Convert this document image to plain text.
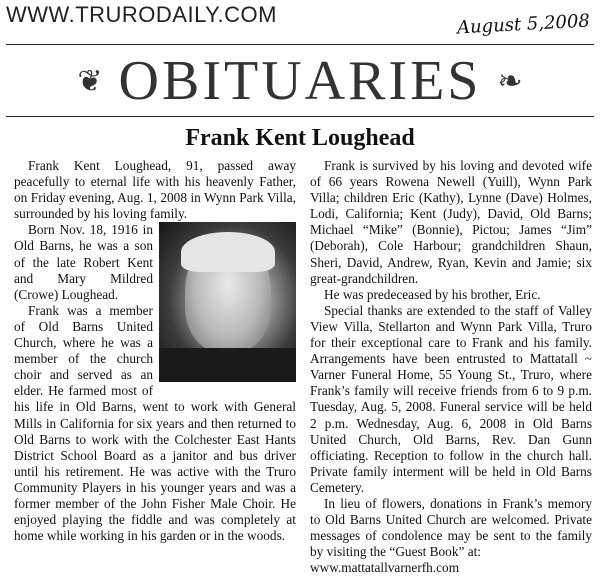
WWW.TRURODAILY.COM	August 5,2008
❦ OBITUARIES ❧
Frank Kent Loughead

Frank Kent Loughead, 91, passed away peacefully to eternal life with his heavenly Father, on Friday evening, Aug. 1, 2008 in Wynn Park Villa, surrounded by his loving family.

Born Nov. 18, 1916 in Old Barns, he was a son of the late Robert Kent and Mary Mildred (Crowe) Loughead.

Frank was a member of Old Barns United Church, where he was a member of the church choir and served as an elder. He farmed most of his life in Old Barns, went to work with General Mills in California for six years and then returned to Old Barns to work with the Colchester East Hants District School Board as a janitor and bus driver until his retirement. He was active with the Truro Community Players in his younger years and was a former member of the John Fisher Male Choir. He enjoyed playing the fiddle and was completely at home while working in his garden or in the woods.

Frank is survived by his loving and devoted wife of 66 years Rowena Newell (Yuill), Wynn Park Villa; children Eric (Kathy), Lynne (Dave) Holmes, Lodi, California; Kent (Judy), David, Old Barns; Michael “Mike” (Bonnie), Pictou; James “Jim” (Deborah), Cole Harbour; grandchildren Shaun, Sheri, David, Andrew, Ryan, Kevin and Jamie; six great-grandchildren.

He was predeceased by his brother, Eric.

Special thanks are extended to the staff of Valley View Villa, Stellarton and Wynn Park Villa, Truro for their exceptional care to Frank and his family. Arrangements have been entrusted to Mattatall ~ Varner Funeral Home, 55 Young St., Truro, where Frank’s family will receive friends from 6 to 9 p.m. Tuesday, Aug. 5, 2008. Funeral service will be held 2 p.m. Wednesday, Aug. 6, 2008 in Old Barns United Church, Old Barns, Rev. Dan Gunn officiating. Reception to follow in the church hall. Private family interment will be held in Old Barns Cemetery.

In lieu of flowers, donations in Frank’s memory to Old Barns United Church are welcomed. Private messages of condolence may be sent to the family by visiting the “Guest Book” at:

www.mattatallvarnerfh.com
